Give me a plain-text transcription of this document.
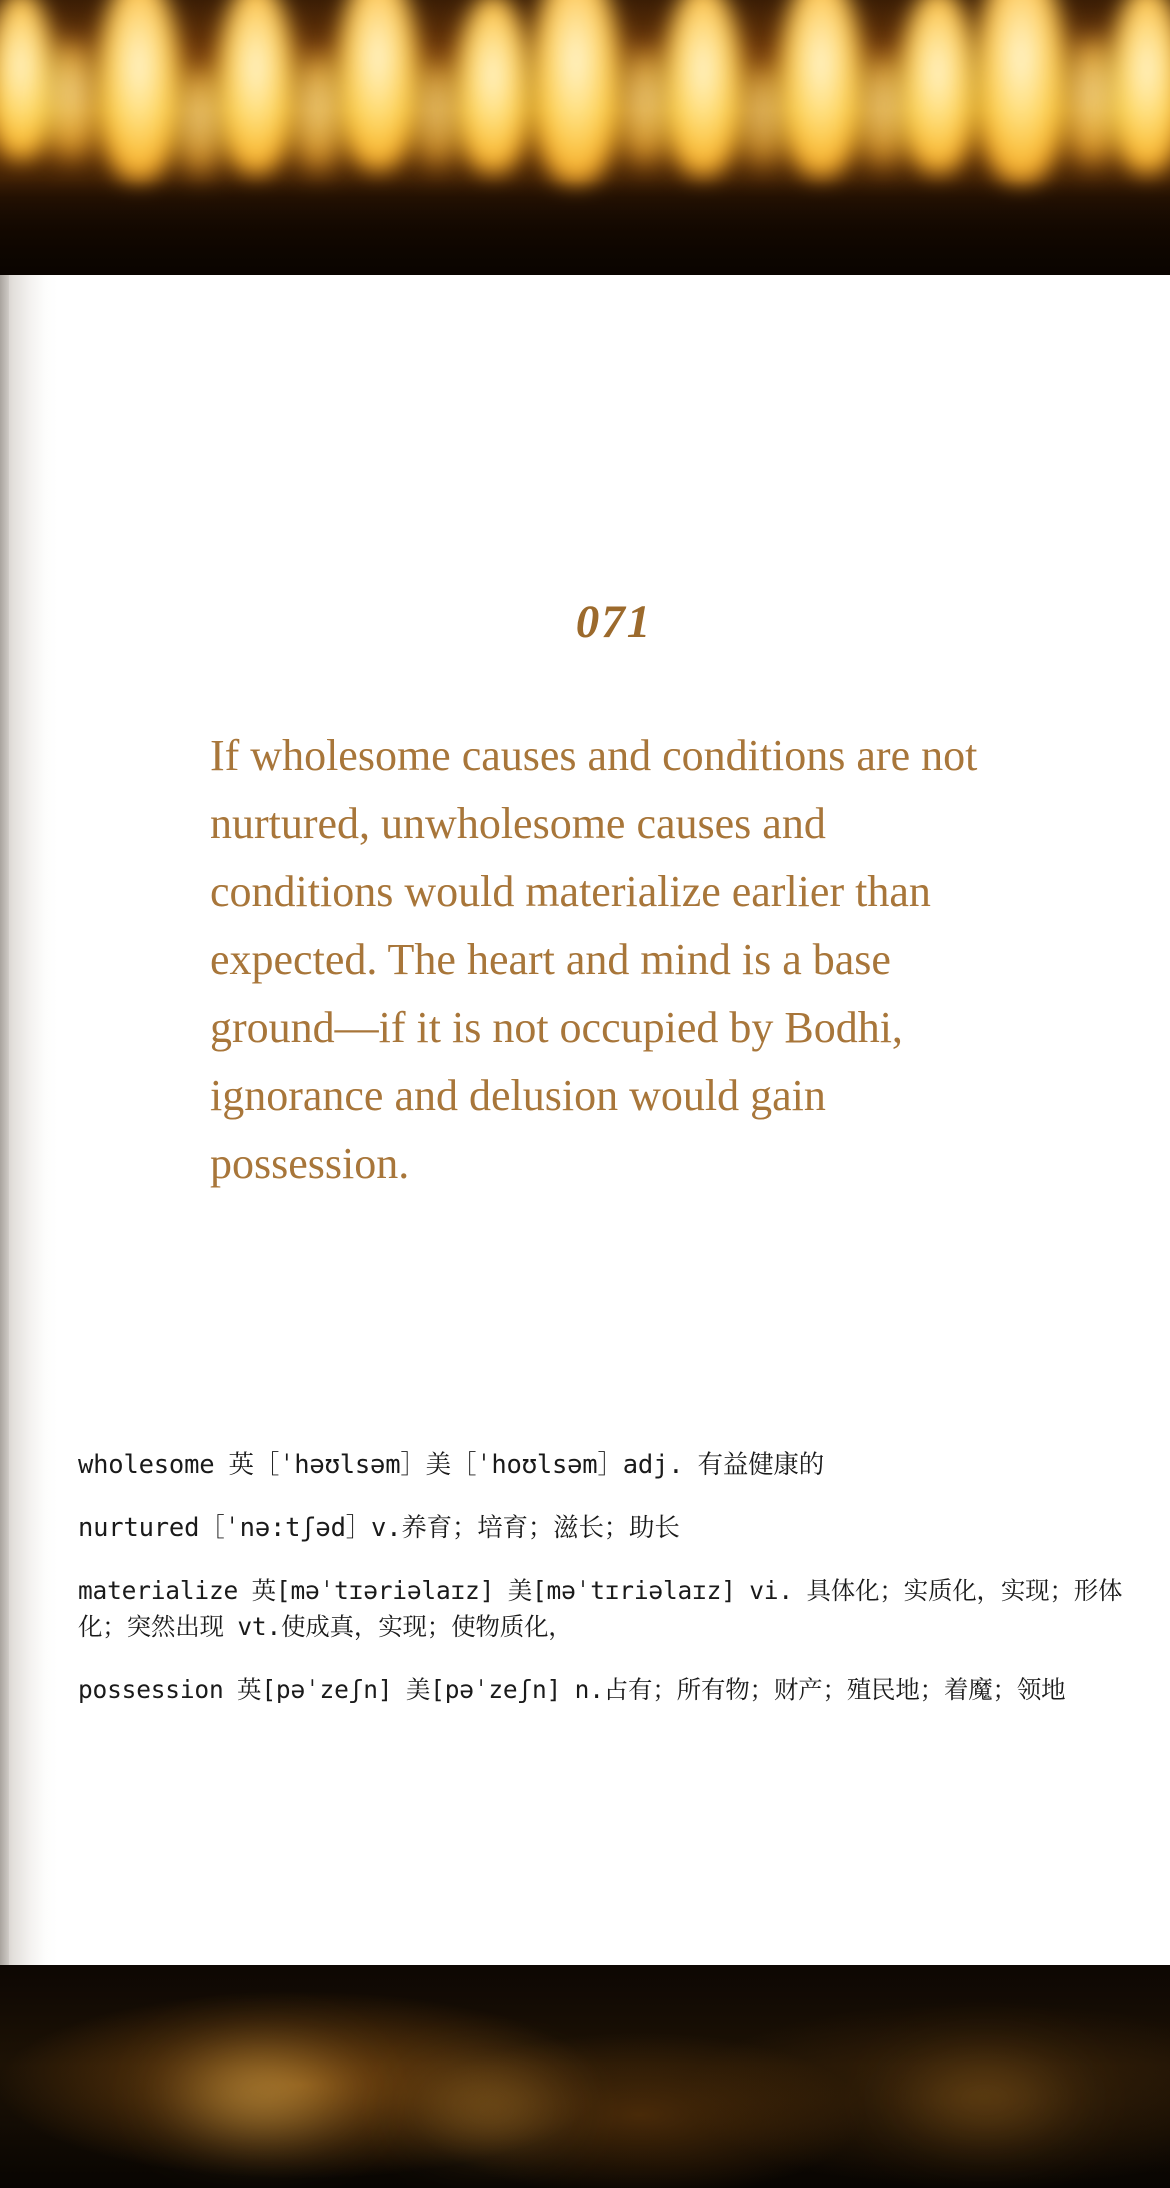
071
If wholesome causes and conditions are not nurtured, unwholesome causes and conditions would materialize earlier than expected. The heart and mind is a base ground—if it is not occupied by Bodhi, ignorance and delusion would gain possession.
wholesome 英［ˈhəʊlsəm］美［ˈhoʊlsəm］adj. 有益健康的
nurtured［ˈnə:tʃəd］v.养育；培育；滋长；助长
materialize 英[məˈtɪəriəlaɪz] 美[məˈtɪriəlaɪz] vi. 具体化；实质化，实现；形体化；突然出现 vt.使成真，实现；使物质化，
possession 英[pəˈzeʃn] 美[pəˈzeʃn] n.占有；所有物；财产；殖民地；着魔；领地
